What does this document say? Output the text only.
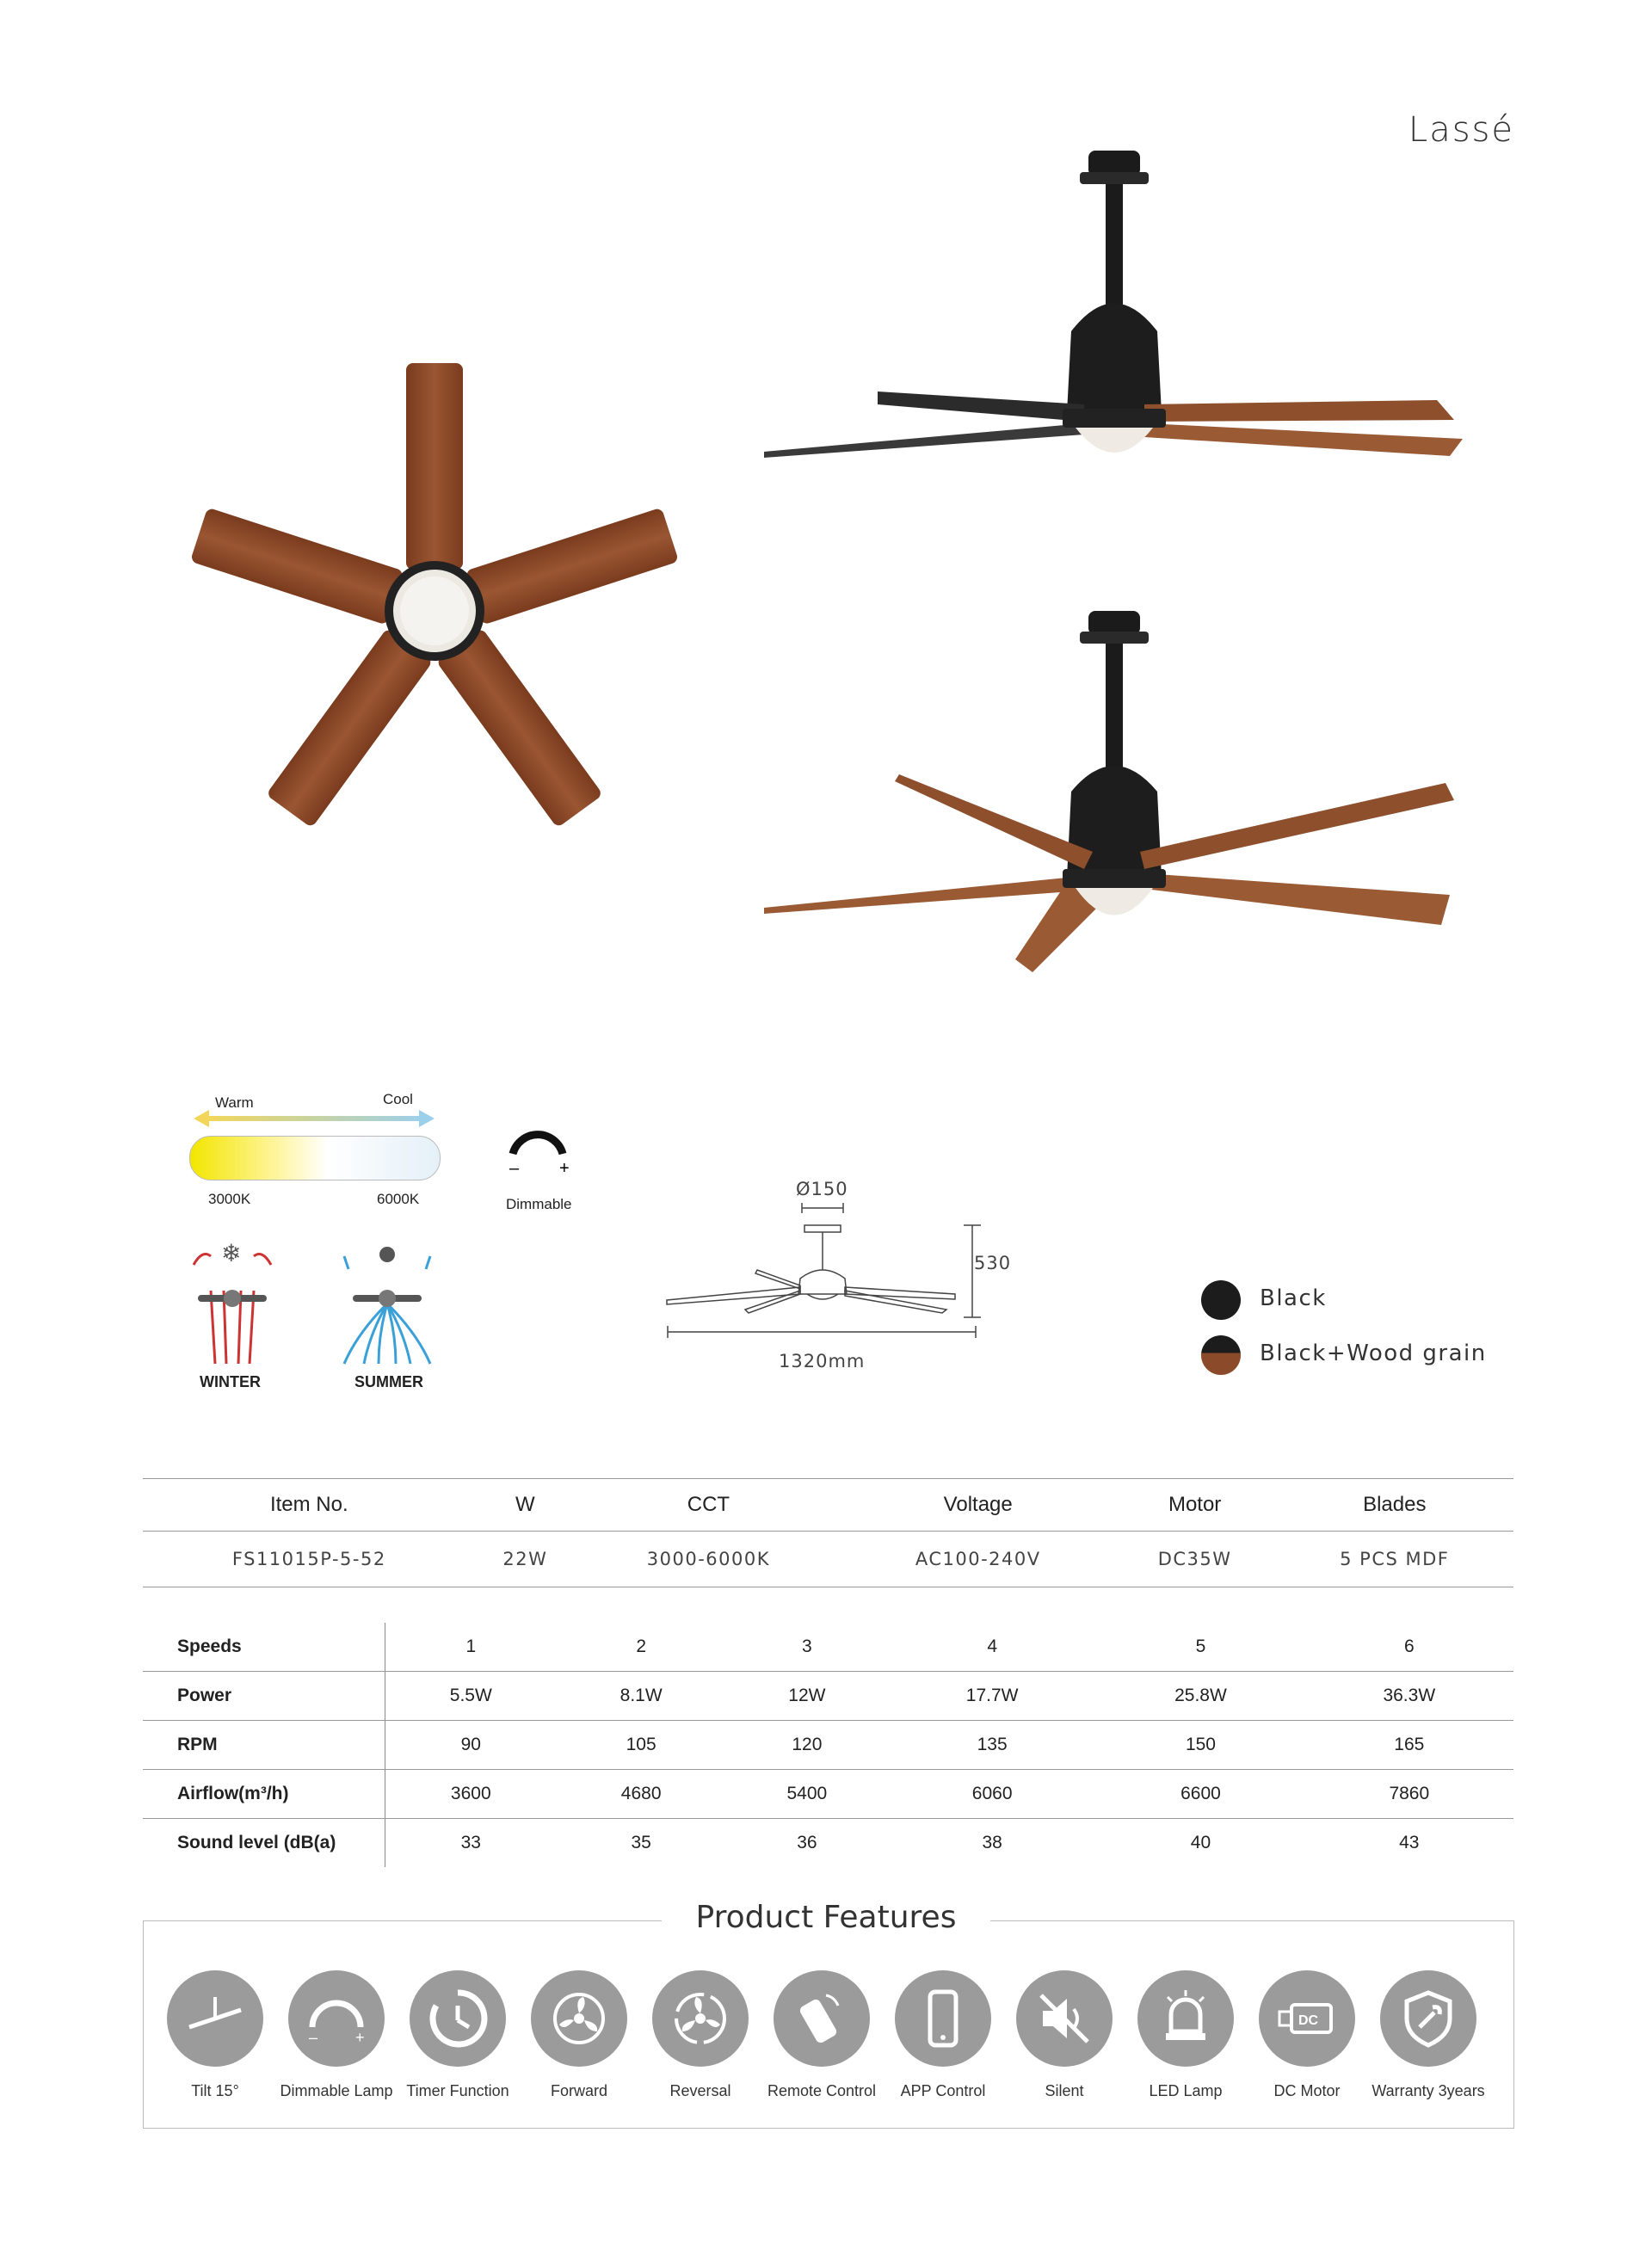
Lassé
Warm	Cool
3000K	6000K
– +
Dimmable
❄
WINTER	SUMMER
Ø150
530
1320mm
Black
Black+Wood grain
Item No.	W	CCT	Voltage	Motor	Blades
FS11015P-5-52	22W	3000-6000K	AC100-240V	DC35W	5 PCS MDF
Speeds	1	2	3	4	5	6
Power	5.5W	8.1W	12W	17.7W	25.8W	36.3W
RPM	90	105	120	135	150	165
Airflow(m³/h)	3600	4680	5400	6060	6600	7860
Sound level (dB(a)	33	35	36	38	40	43
Product Features
Tilt 15°
– +
Dimmable Lamp Timer Function	Forward	Reversal	Remote Control	APP Control	Silent	LED Lamp
DC
DC Motor	Warranty 3years
